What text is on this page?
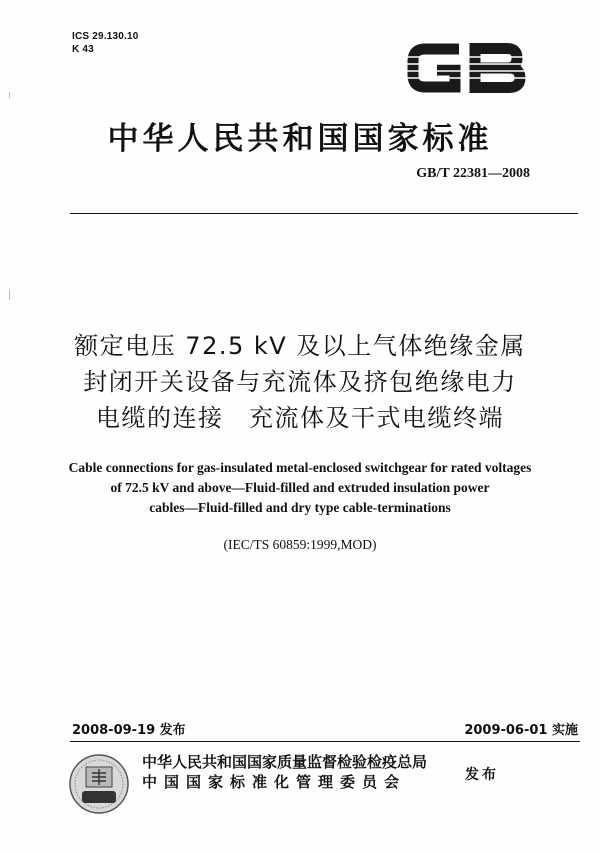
ICS 29.130.10
K 43
中华人民共和国国家标准
GB/T 22381—2008
额定电压 72.5 kV 及以上气体绝缘金属
封闭开关设备与充流体及挤包绝缘电力
电缆的连接　充流体及干式电缆终端
Cable connections for gas-insulated metal-enclosed switchgear for rated voltages
of 72.5 kV and above—Fluid-filled and extruded insulation power
cables—Fluid-filled and dry type cable-terminations
(IEC/TS 60859:1999,MOD)
2008-09-19 发布	2009-06-01 实施
中华人民共和国国家质量监督检验检疫总局
中国国家标准化管理委员会	发布
